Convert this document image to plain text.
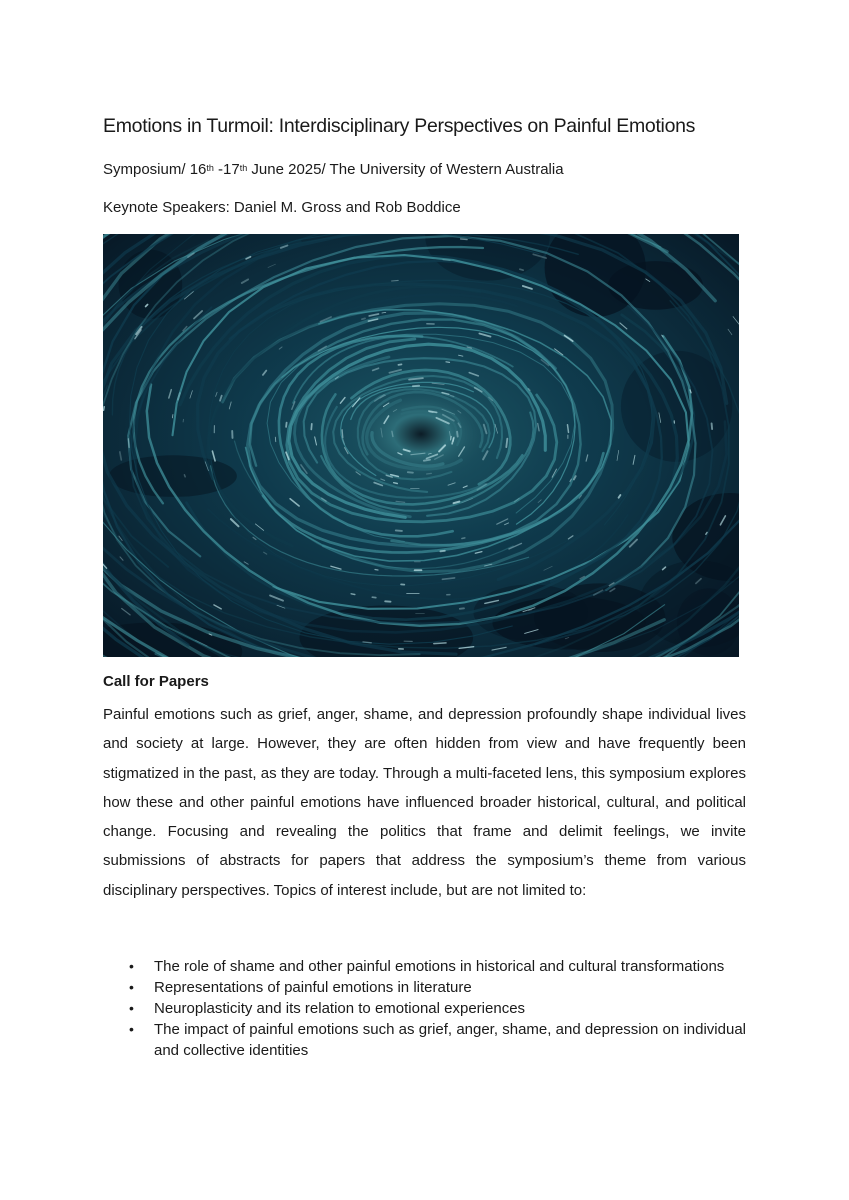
Emotions in Turmoil: Interdisciplinary Perspectives on Painful Emotions

Symposium/ 16th -17th June 2025/ The University of Western Australia

Keynote Speakers: Daniel M. Gross and Rob Boddice

Call for Papers

Painful emotions such as grief, anger, shame, and depression profoundly shape individual lives and society at large. However, they are often hidden from view and have frequently been stigmatized in the past, as they are today. Through a multi-faceted lens, this symposium explores how these and other painful emotions have influenced broader historical, cultural, and political change. Focusing and revealing the politics that frame and delimit feelings, we invite submissions of abstracts for papers that address the symposium’s theme from various disciplinary perspectives. Topics of interest include, but are not limited to:

• The role of shame and other painful emotions in historical and cultural transformations
• Representations of painful emotions in literature
• Neuroplasticity and its relation to emotional experiences
• The impact of painful emotions such as grief, anger, shame, and depression on individual and collective identities
